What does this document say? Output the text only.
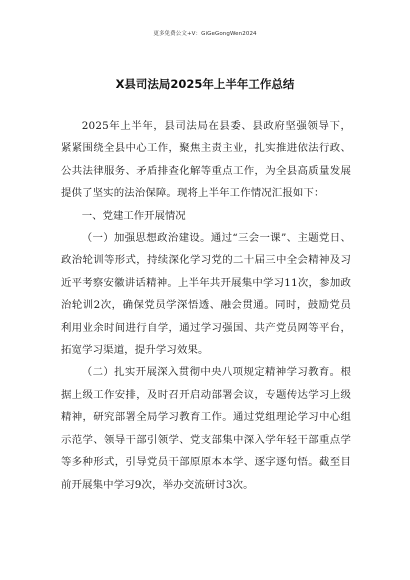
更多免费公文+V：GiGeGongWen2024
X县司法局2025年上半年工作总结

2025年上半年，县司法局在县委、县政府坚强领导下，紧紧围绕全县中心工作，聚焦主责主业，扎实推进依法行政、公共法律服务、矛盾排查化解等重点工作，为全县高质量发展提供了坚实的法治保障。现将上半年工作情况汇报如下：

一、党建工作开展情况

（一）加强思想政治建设。通过“三会一课”、主题党日、政治轮训等形式，持续深化学习党的二十届三中全会精神及习近平考察安徽讲话精神。上半年共开展集中学习11次，参加政治轮训2次，确保党员学深悟透、融会贯通。同时，鼓励党员利用业余时间进行自学，通过学习强国、共产党员网等平台，拓宽学习渠道，提升学习效果。

（二）扎实开展深入贯彻中央八项规定精神学习教育。根据上级工作安排，及时召开启动部署会议，专题传达学习上级精神，研究部署全局学习教育工作。通过党组理论学习中心组示范学、领导干部引领学、党支部集中深入学年轻干部重点学等多种形式，引导党员干部原原本本学、逐字逐句悟。截至目前开展集中学习9次，举办交流研讨3次。
